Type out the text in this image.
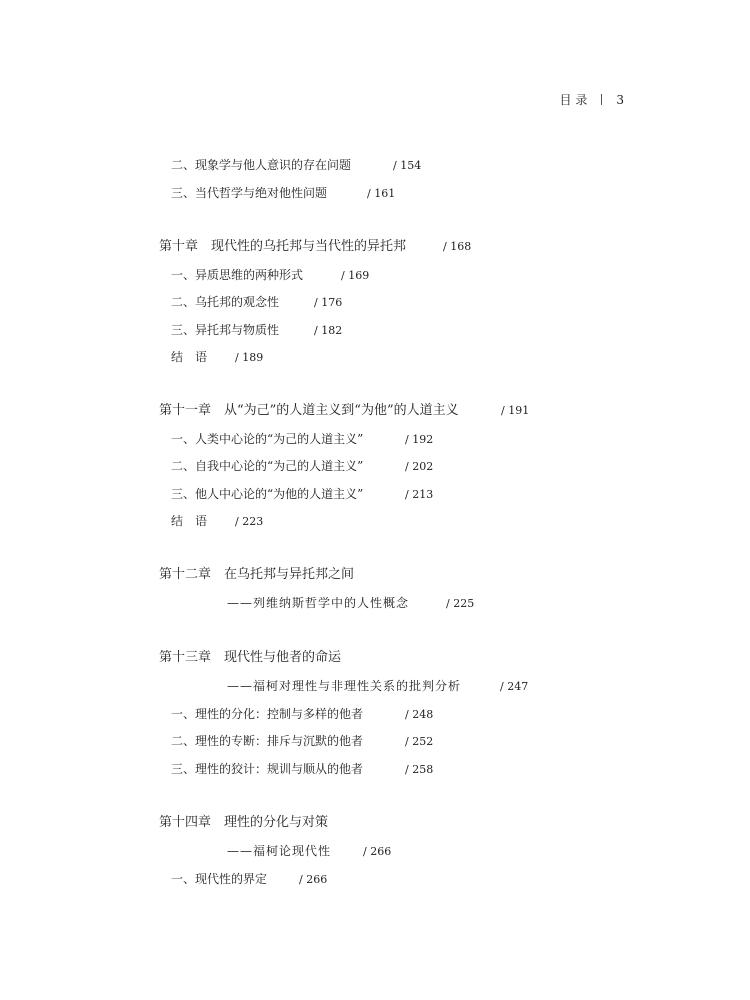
目 录 3
二、现象学与他人意识的存在问题	/ 154
三、当代哲学与绝对他性问题	/ 161
第十章　现代性的乌托邦与当代性的异托邦	/ 168
一、异质思维的两种形式	/ 169
二、乌托邦的观念性	/ 176
三、异托邦与物质性	/ 182
结　语	/ 189
第十一章　从“为己”的人道主义到“为他”的人道主义	/ 191
一、人类中心论的“为己的人道主义”	/ 192
二、自我中心论的“为己的人道主义”	/ 202
三、他人中心论的“为他的人道主义”	/ 213
结　语	/ 223
第十二章　在乌托邦与异托邦之间
——列维纳斯哲学中的人性概念	/ 225
第十三章　现代性与他者的命运
——福柯对理性与非理性关系的批判分析	/ 247
一、理性的分化：控制与多样的他者	/ 248
二、理性的专断：排斥与沉默的他者	/ 252
三、理性的狡计：规训与顺从的他者	/ 258
第十四章　理性的分化与对策
——福柯论现代性	/ 266
一、现代性的界定	/ 266
